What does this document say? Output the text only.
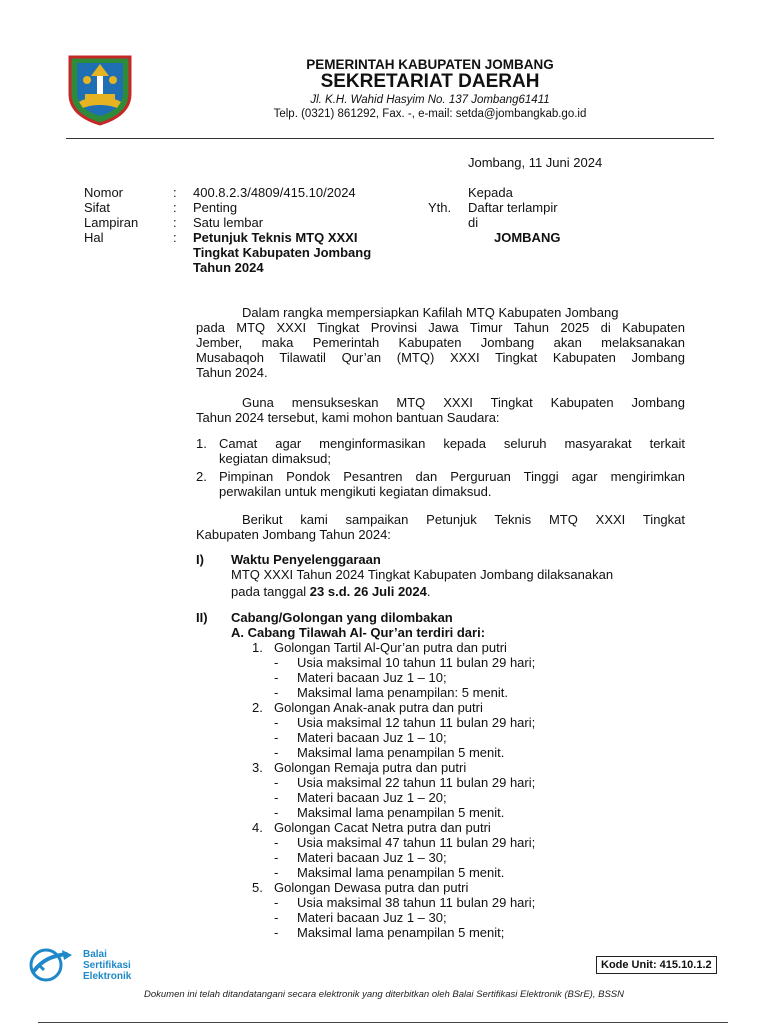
PEMERINTAH KABUPATEN JOMBANG
SEKRETARIAT DAERAH
Jl. K.H. Wahid Hasyim No. 137 Jombang61411
Telp. (0321) 861292, Fax. -, e-mail: setda@jombangkab.go.id
Jombang, 11 Juni 2024
Nomor	: 400.8.2.3/4809/415.10/2024
Sifat	: Penting
Lampiran	: Satu lembar
Hal	: Petunjuk Teknis MTQ XXXI
Tingkat Kabupaten Jombang
Tahun 2024
Kepada
Yth. Daftar terlampir
di
JOMBANG
Dalam rangka mempersiapkan Kafilah MTQ Kabupaten Jombang
pada MTQ XXXI Tingkat Provinsi Jawa Timur Tahun 2025 di Kabupaten
Jember, maka Pemerintah Kabupaten Jombang akan melaksanakan
Musabaqoh Tilawatil Qur’an (MTQ) XXXI Tingkat Kabupaten Jombang
Tahun 2024.
Guna mensukseskan MTQ XXXI Tingkat Kabupaten Jombang
Tahun 2024 tersebut, kami mohon bantuan Saudara:
1. Camat agar menginformasikan kepada seluruh masyarakat terkait
kegiatan dimaksud;
2. Pimpinan Pondok Pesantren dan Perguruan Tinggi agar mengirimkan
perwakilan untuk mengikuti kegiatan dimaksud.
Berikut kami sampaikan Petunjuk Teknis MTQ XXXI Tingkat
Kabupaten Jombang Tahun 2024:
I) Waktu Penyelenggaraan
MTQ XXXI Tahun 2024 Tingkat Kabupaten Jombang dilaksanakan
pada tanggal 23 s.d. 26 Juli 2024.
II) Cabang/Golongan yang dilombakan
A. Cabang Tilawah Al- Qur’an terdiri dari:
1. Golongan Tartil Al-Qur’an putra dan putri
- Usia maksimal 10 tahun 11 bulan 29 hari;
- Materi bacaan Juz 1 – 10;
- Maksimal lama penampilan: 5 menit.
2. Golongan Anak-anak putra dan putri
- Usia maksimal 12 tahun 11 bulan 29 hari;
- Materi bacaan Juz 1 – 10;
- Maksimal lama penampilan 5 menit.
3. Golongan Remaja putra dan putri
- Usia maksimal 22 tahun 11 bulan 29 hari;
- Materi bacaan Juz 1 – 20;
- Maksimal lama penampilan 5 menit.
4. Golongan Cacat Netra putra dan putri
- Usia maksimal 47 tahun 11 bulan 29 hari;
- Materi bacaan Juz 1 – 30;
- Maksimal lama penampilan 5 menit.
5. Golongan Dewasa putra dan putri
- Usia maksimal 38 tahun 11 bulan 29 hari;
- Materi bacaan Juz 1 – 30;
- Maksimal lama penampilan 5 menit;
Balai
Sertifikasi
Elektronik
Kode Unit: 415.10.1.2
Dokumen ini telah ditandatangani secara elektronik yang diterbitkan oleh Balai Sertifikasi Elektronik (BSrE), BSSN
